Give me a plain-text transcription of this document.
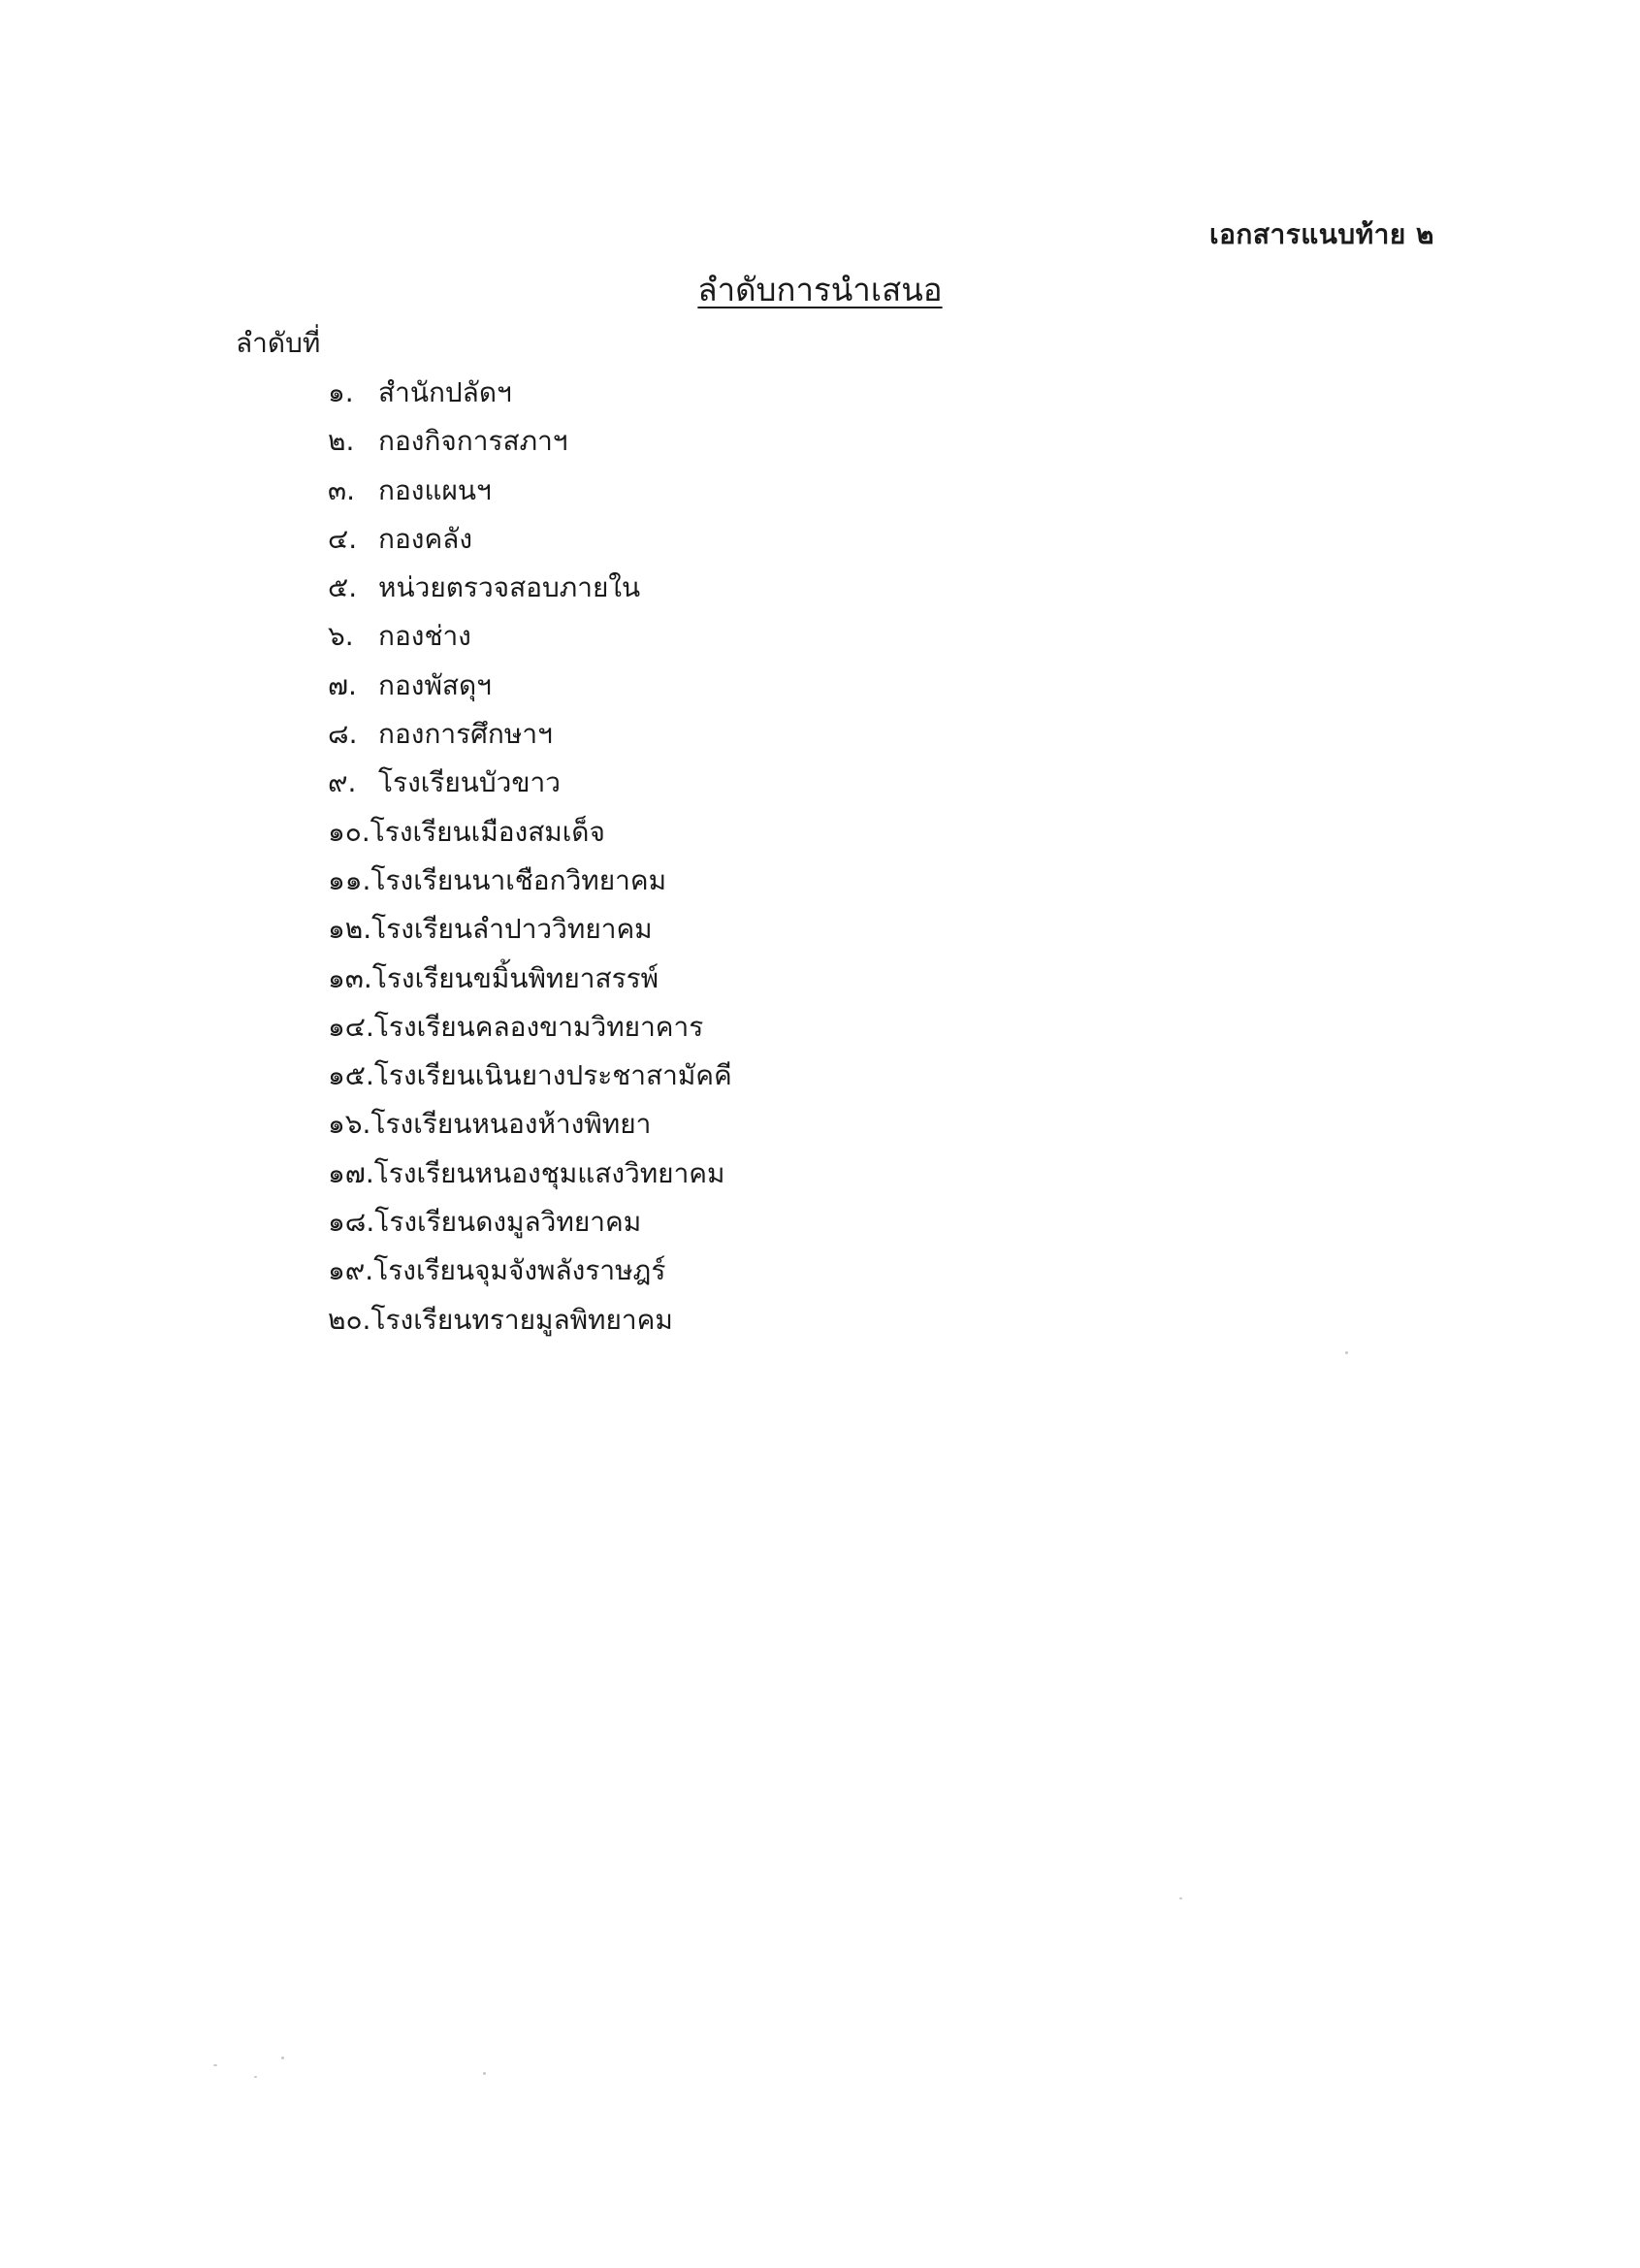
เอกสารแนบท้าย ๒
ลำดับการนำเสนอ
ลำดับที่
๑. สำนักปลัดฯ
๒. กองกิจการสภาฯ
๓. กองแผนฯ
๔. กองคลัง
๕. หน่วยตรวจสอบภายใน
๖. กองช่าง
๗. กองพัสดุฯ
๘. กองการศึกษาฯ
๙. โรงเรียนบัวขาว
๑๐. โรงเรียนเมืองสมเด็จ
๑๑. โรงเรียนนาเชือกวิทยาคม
๑๒. โรงเรียนลำปาววิทยาคม
๑๓. โรงเรียนขมิ้นพิทยาสรรพ์
๑๔. โรงเรียนคลองขามวิทยาคาร
๑๕. โรงเรียนเนินยางประชาสามัคคี
๑๖. โรงเรียนหนองห้างพิทยา
๑๗. โรงเรียนหนองชุมแสงวิทยาคม
๑๘. โรงเรียนดงมูลวิทยาคม
๑๙. โรงเรียนจุมจังพลังราษฎร์
๒๐. โรงเรียนทรายมูลพิทยาคม
